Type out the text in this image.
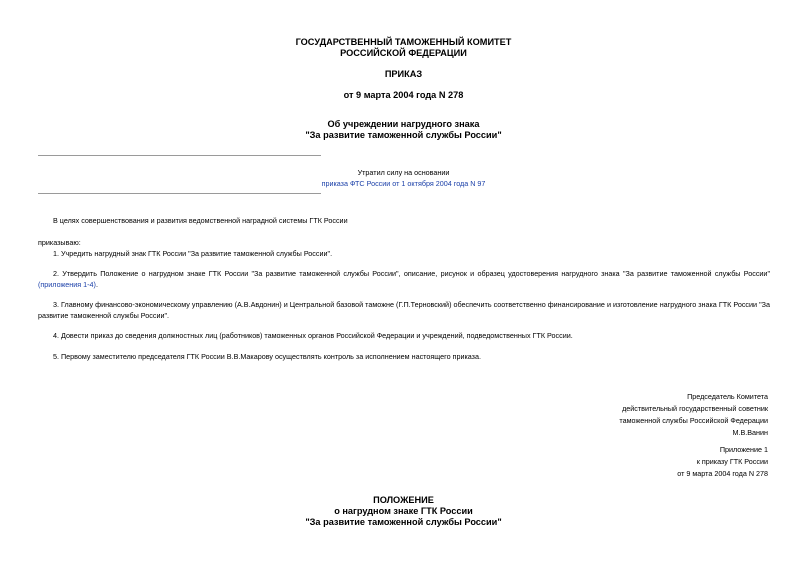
ГОСУДАРСТВЕННЫЙ ТАМОЖЕННЫЙ КОМИТЕТ
РОССИЙСКОЙ ФЕДЕРАЦИИ
ПРИКАЗ
от 9 марта 2004 года N 278
Об учреждении нагрудного знака
"За развитие таможенной службы России"
Утратил силу на основании
приказа ФТС России от 1 октября 2004 года N 97
В целях совершенствования и развития ведомственной наградной системы ГТК России
приказываю:
1. Учредить нагрудный знак ГТК России "За развитие таможенной службы России".
2. Утвердить Положение о нагрудном знаке ГТК России "За развитие таможенной службы России", описание, рисунок и образец удостоверения нагрудного знака "За развитие таможенной службы России" (приложения 1-4).
3. Главному финансово-экономическому управлению (А.В.Авдонин) и Центральной базовой таможне (Г.П.Терновский) обеспечить соответственно финансирование и изготовление нагрудного знака ГТК России "За развитие таможенной службы России".
4. Довести приказ до сведения должностных лиц (работников) таможенных органов Российской Федерации и учреждений, подведомственных ГТК России.
5. Первому заместителю председателя ГТК России В.В.Макарову осуществлять контроль за исполнением настоящего приказа.
Председатель Комитета
действительный государственный советник
таможенной службы Российской Федерации
М.В.Ванин
Приложение 1
к приказу ГТК России
от 9 марта 2004 года N 278
ПОЛОЖЕНИЕ
о нагрудном знаке ГТК России
"За развитие таможенной службы России"
